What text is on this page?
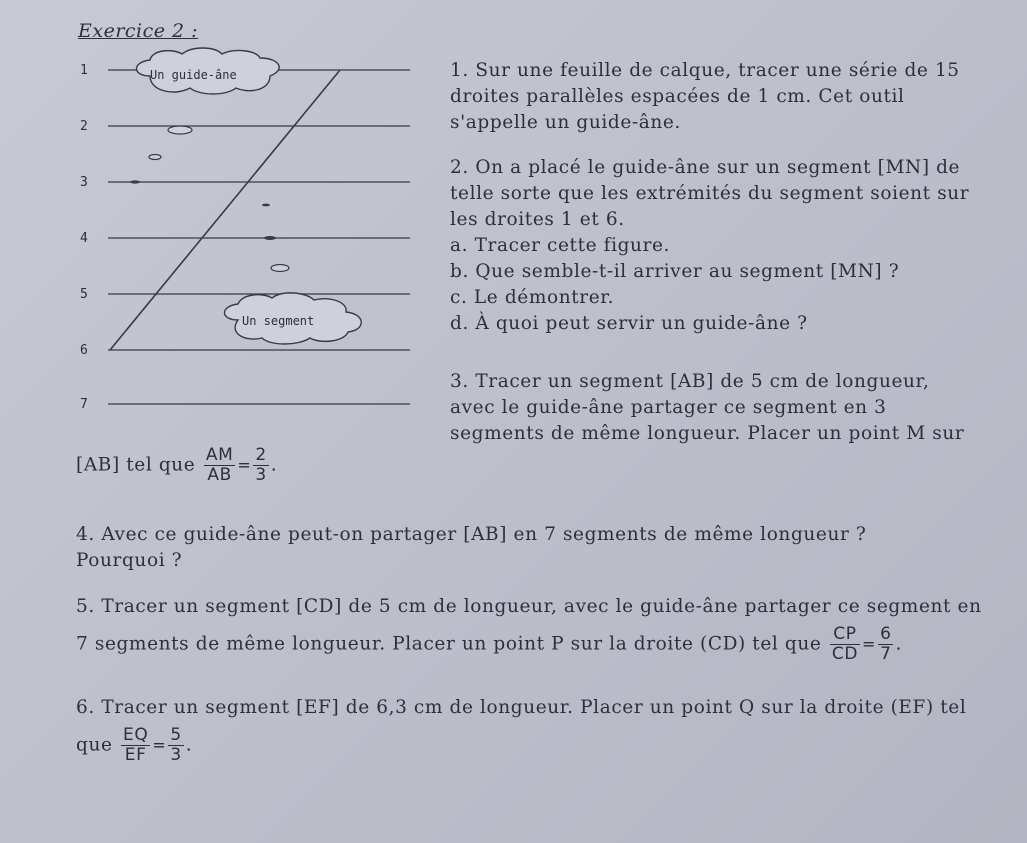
Exercice 2 :
1
2
3
4
5
6
7
Un guide-âne
Un segment
1. Sur une feuille de calque, tracer une série de 15
droites parallèles espacées de 1 cm. Cet outil
s'appelle un guide-âne.
2. On a placé le guide-âne sur un segment [MN] de
telle sorte que les extrémités du segment soient sur
les droites 1 et 6.
a. Tracer cette figure.
b. Que semble-t-il arriver au segment [MN] ?
c. Le démontrer.
d. À quoi peut servir un guide-âne ?
3. Tracer un segment [AB] de 5 cm de longueur,
avec le guide-âne partager ce segment en 3
segments de même longueur. Placer un point M sur
[AB] tel que $\frac{AM}{AB} = \frac{2}{3}$ .
4. Avec ce guide-âne peut-on partager [AB] en 7 segments de même longueur ?
Pourquoi ?
5. Tracer un segment [CD] de 5 cm de longueur, avec le guide-âne partager ce segment en
7 segments de même longueur. Placer un point P sur la droite (CD) tel que $\frac{CP}{CD} = \frac{6}{7}$ .
6. Tracer un segment [EF] de 6,3 cm de longueur. Placer un point Q sur la droite (EF) tel
que $\frac{EQ}{EF} = \frac{5}{3}$ .
